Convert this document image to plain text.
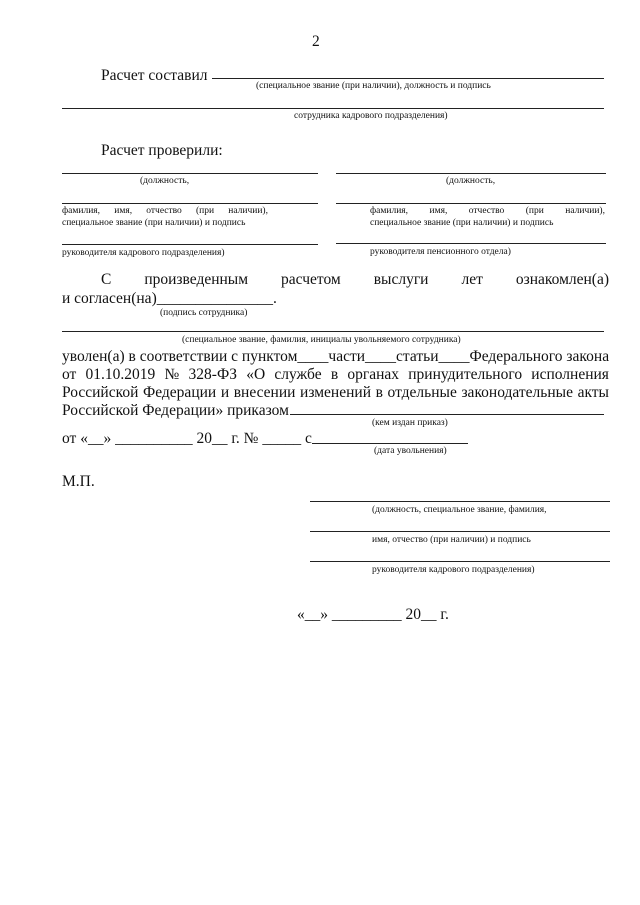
2
Расчет составил
(специальное звание (при наличии), должность и подпись
сотрудника кадрового подразделения)
Расчет проверили:
(должность,
фамилия, имя, отчество (при наличии),
специальное звание (при наличии) и подпись
руководителя кадрового подразделения)
(должность,
фамилия, имя, отчество (при наличии),
специальное звание (при наличии) и подпись
руководителя пенсионного отдела)
С произведенным расчетом выслуги лет ознакомлен(а)
и согласен(на)_______________.
(подпись сотрудника)
(специальное звание, фамилия, инициалы увольняемого сотрудника)
уволен(а) в соответствии с пунктом____ части____ статьи____ Федерального закона
от 01.10.2019 № 328-ФЗ «О службе в органах принудительного исполнения
Российской Федерации и внесении изменений в отдельные законодательные акты
Российской Федерации» приказом
(кем издан приказ)
от «__» __________ 20__ г. № _____ с
(дата увольнения)
М.П.
(должность, специальное звание, фамилия,
имя, отчество (при наличии) и подпись
руководителя кадрового подразделения)
«__» _________ 20__ г.
